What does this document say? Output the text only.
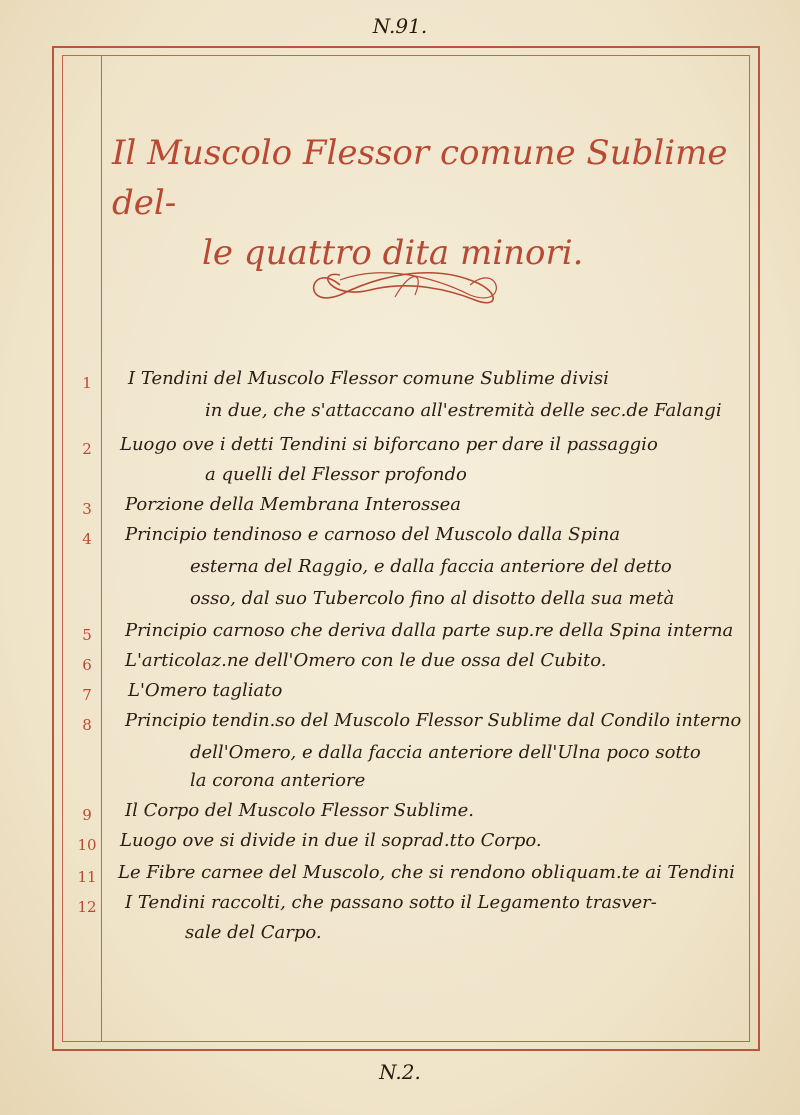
N.91.
Il Muscolo Flessor comune Sublime del-
le quattro dita minori.
1	I Tendini del Muscolo Flessor comune Sublime divisi
in due, che s'attaccano all'estremità delle sec.de Falangi
2	Luogo ove i detti Tendini si biforcano per dare il passaggio
a quelli del Flessor profondo
3	Porzione della Membrana Interossea
4	Principio tendinoso e carnoso del Muscolo dalla Spina
esterna del Raggio, e dalla faccia anteriore del detto
osso, dal suo Tubercolo fino al disotto della sua metà
5	Principio carnoso che deriva dalla parte sup.re della Spina interna
6	L'articolaz.ne dell'Omero con le due ossa del Cubito.
7	L'Omero tagliato
8	Principio tendin.so del Muscolo Flessor Sublime dal Condilo interno
dell'Omero, e dalla faccia anteriore dell'Ulna poco sotto
la corona anteriore
9	Il Corpo del Muscolo Flessor Sublime.
10	Luogo ove si divide in due il soprad.tto Corpo.
11	Le Fibre carnee del Muscolo, che si rendono obliquam.te ai Tendini
12	I Tendini raccolti, che passano sotto il Legamento trasver-
sale del Carpo.
N.2.
